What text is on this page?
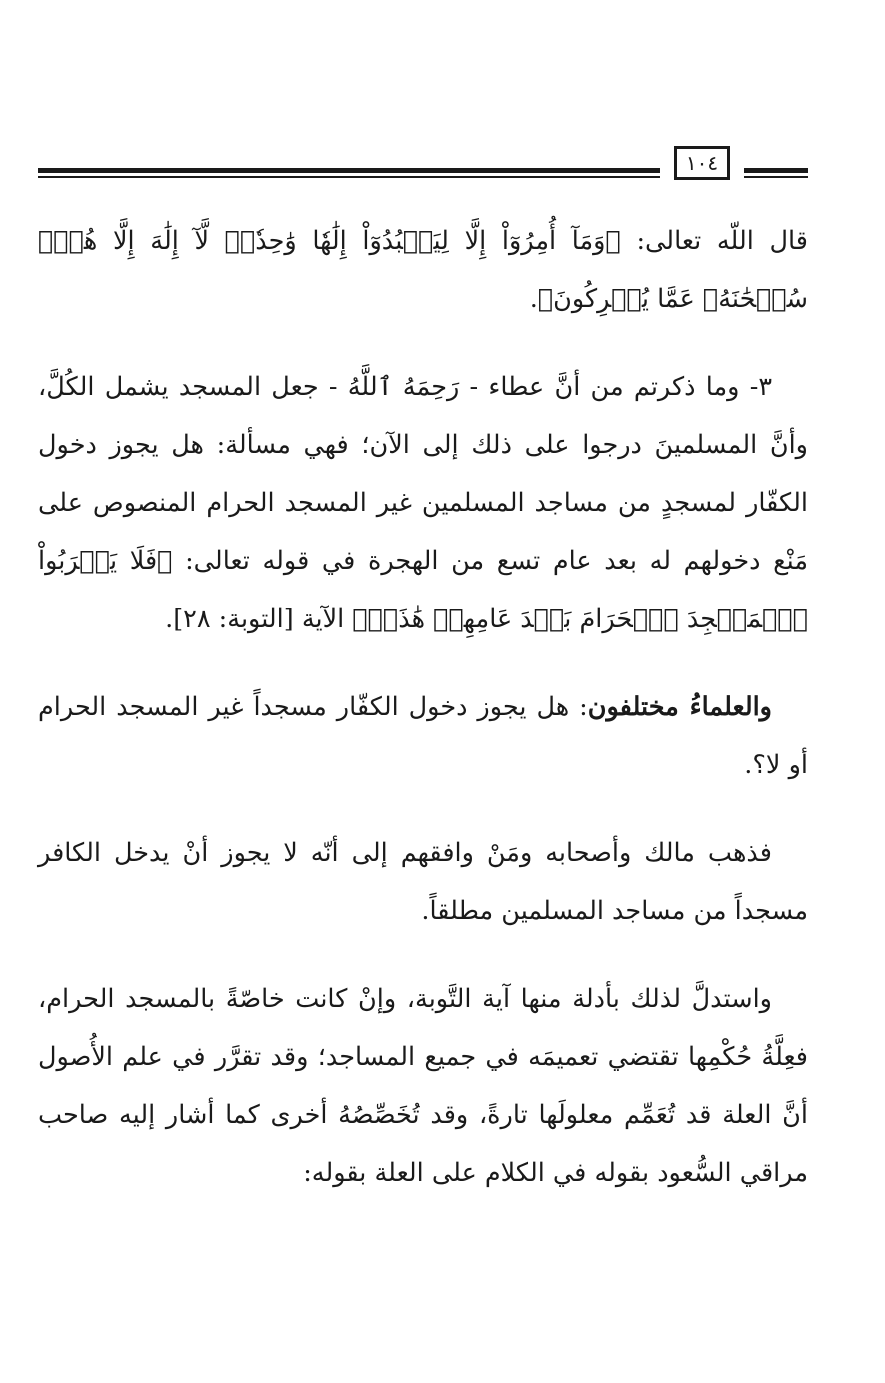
١٠٤

قال اللّه تعالى: ﴿وَمَآ أُمِرُوٓاْ إِلَّا لِيَعۡبُدُوٓاْ إِلَٰهٗا وَٰحِدٗاۖ لَّآ إِلَٰهَ إِلَّا هُوَۚ سُبۡحَٰنَهُۥ عَمَّا يُشۡرِكُونَ﴾.

٣- وما ذكرتم من أنَّ عطاء - رَحِمَهُ ٱللَّهُ - جعل المسجد يشمل الكُلَّ، وأنَّ المسلمينَ درجوا على ذلك إلى الآن؛ فهي مسألة: هل يجوز دخول الكفّار لمسجدٍ من مساجد المسلمين غير المسجد الحرام المنصوص على مَنْع دخولهم له بعد عام تسع من الهجرة في قوله تعالى: ﴿فَلَا يَقۡرَبُواْ ٱلۡمَسۡجِدَ ٱلۡحَرَامَ بَعۡدَ عَامِهِمۡ هَٰذَاۚ﴾ الآية [التوبة: ٢٨].

والعلماءُ مختلفون: هل يجوز دخول الكفّار مسجداً غير المسجد الحرام أو لا؟.

فذهب مالك وأصحابه ومَنْ وافقهم إلى أنّه لا يجوز أنْ يدخل الكافر مسجداً من مساجد المسلمين مطلقاً.

واستدلَّ لذلك بأدلة منها آية التَّوبة، وإنْ كانت خاصّةً بالمسجد الحرام، فعِلَّةُ حُكْمِها تقتضي تعميمَه في جميع المساجد؛ وقد تقرَّر في علم الأُصول أنَّ العلة قد تُعَمِّم معلولَها تارةً، وقد تُخَصِّصُهُ أخرى كما أشار إليه صاحب مراقي السُّعود بقوله في الكلام على العلة بقوله:
